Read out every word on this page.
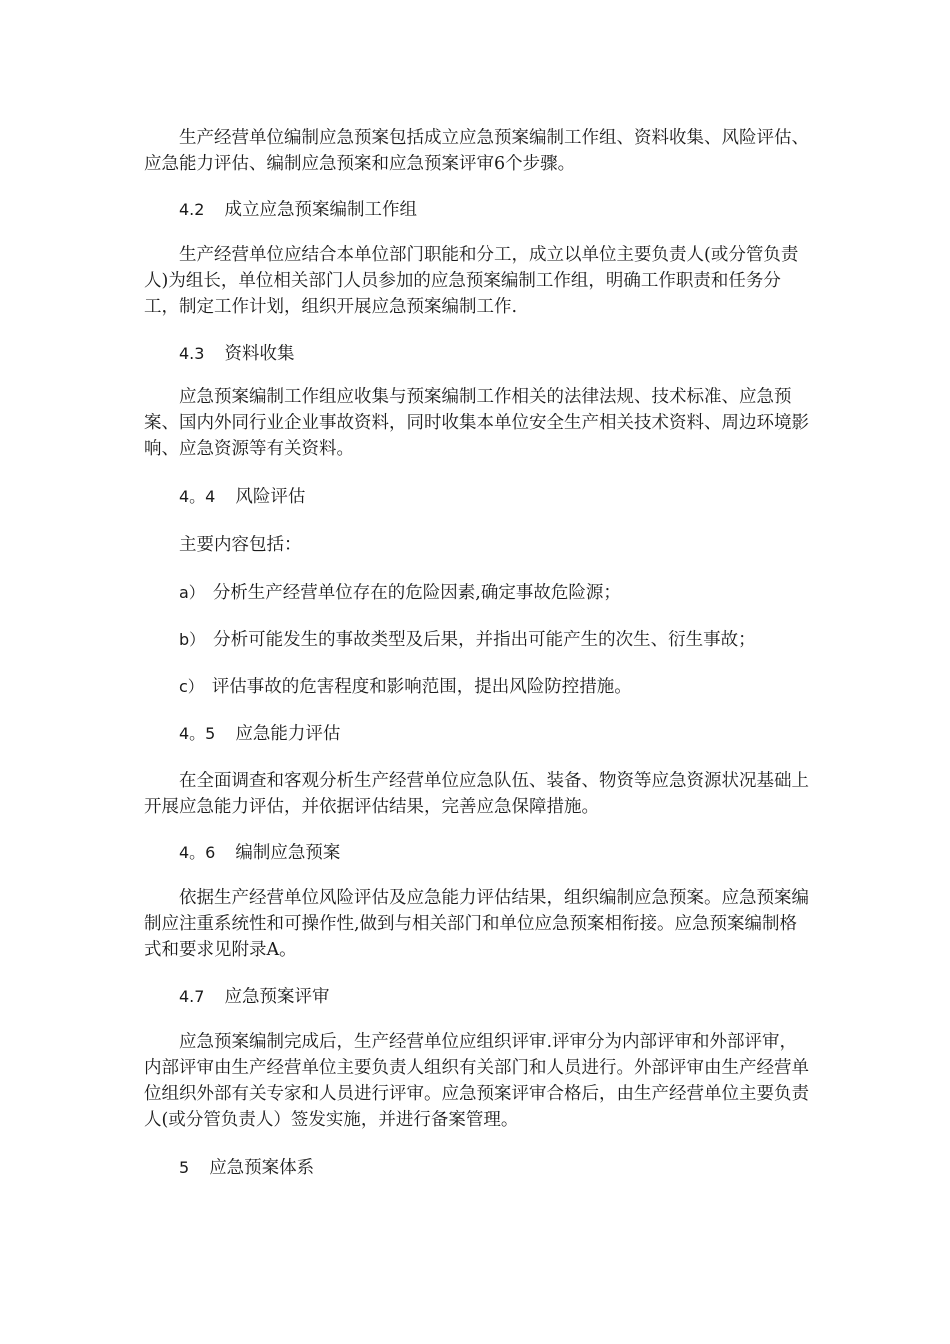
生产经营单位编制应急预案包括成立应急预案编制工作组、资料收集、风险评估、应急能力评估、编制应急预案和应急预案评审6个步骤。

4.2 成立应急预案编制工作组

生产经营单位应结合本单位部门职能和分工，成立以单位主要负责人(或分管负责人)为组长，单位相关部门人员参加的应急预案编制工作组，明确工作职责和任务分工，制定工作计划，组织开展应急预案编制工作.

4.3 资料收集

应急预案编制工作组应收集与预案编制工作相关的法律法规、技术标准、应急预案、国内外同行业企业事故资料，同时收集本单位安全生产相关技术资料、周边环境影响、应急资源等有关资料。

4。4 风险评估
主要内容包括：
a） 分析生产经营单位存在的危险因素,确定事故危险源；
b） 分析可能发生的事故类型及后果，并指出可能产生的次生、衍生事故；
c） 评估事故的危害程度和影响范围，提出风险防控措施。
4。5 应急能力评估

在全面调查和客观分析生产经营单位应急队伍、装备、物资等应急资源状况基础上开展应急能力评估，并依据评估结果，完善应急保障措施。

4。6 编制应急预案

依据生产经营单位风险评估及应急能力评估结果，组织编制应急预案。应急预案编制应注重系统性和可操作性,做到与相关部门和单位应急预案相衔接。应急预案编制格式和要求见附录A。

4.7 应急预案评审

应急预案编制完成后，生产经营单位应组织评审.评审分为内部评审和外部评审，内部评审由生产经营单位主要负责人组织有关部门和人员进行。外部评审由生产经营单位组织外部有关专家和人员进行评审。应急预案评审合格后，由生产经营单位主要负责人(或分管负责人）签发实施，并进行备案管理。

5 应急预案体系
